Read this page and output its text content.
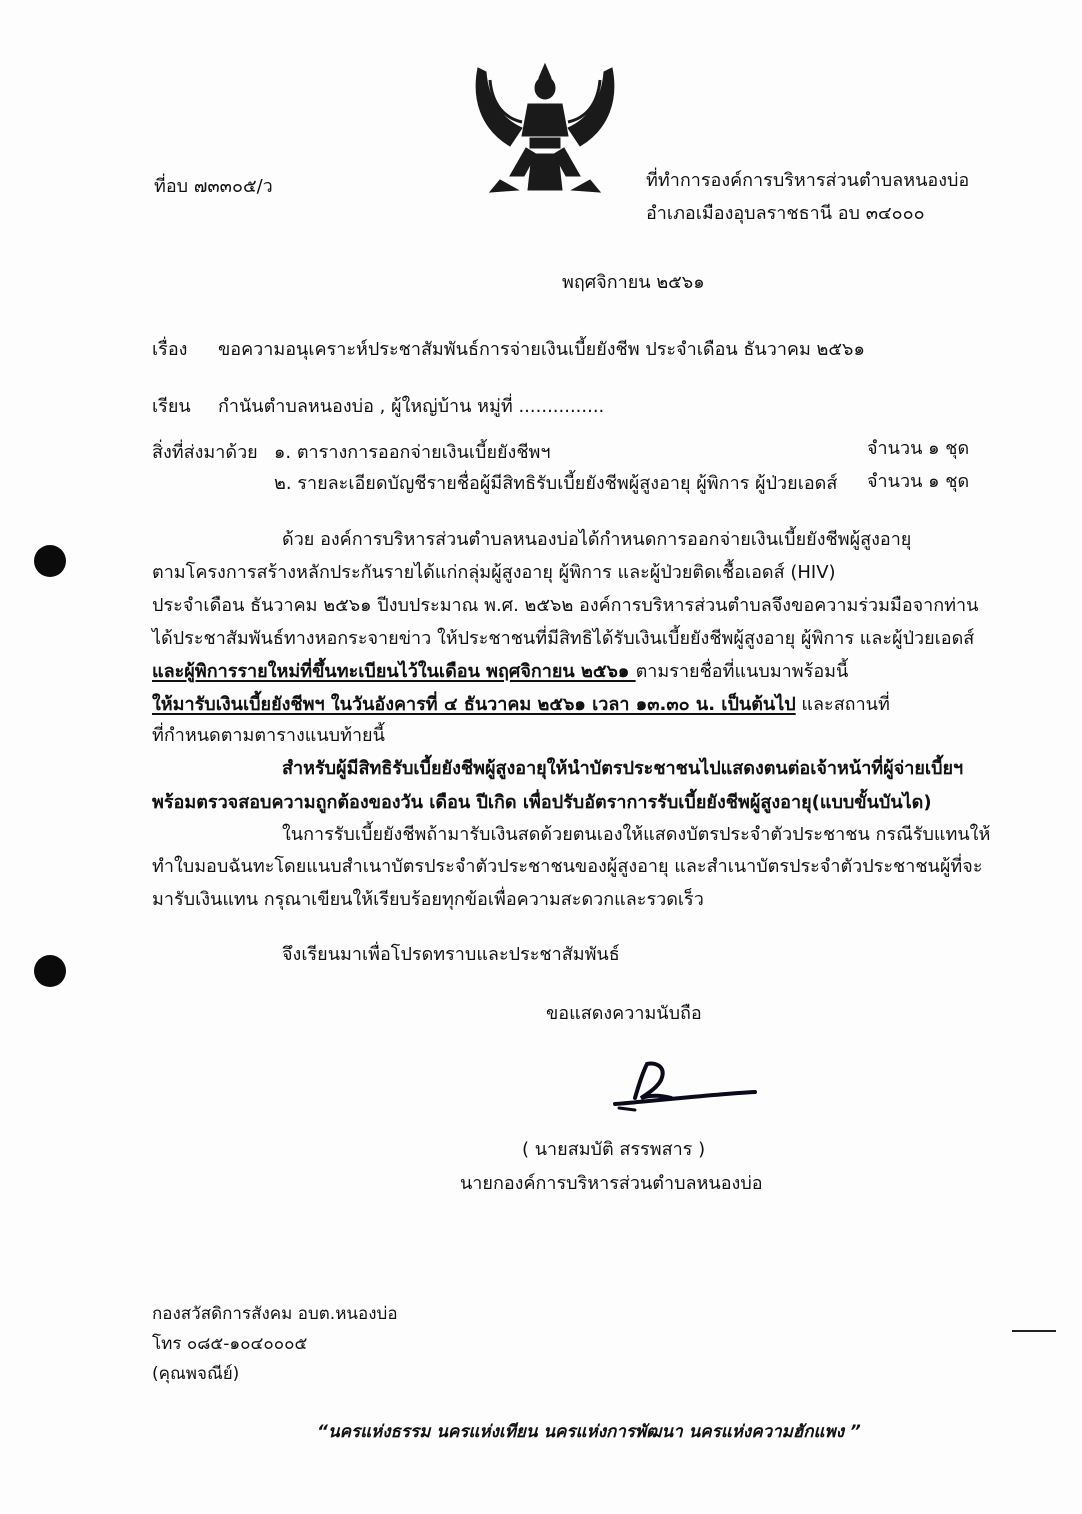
ที่อบ ๗๓๓๐๕/ว	ที่ทำการองค์การบริหารส่วนตำบลหนองบ่อ
อำเภอเมืองอุบลราชธานี อบ ๓๔๐๐๐
พฤศจิกายน ๒๕๖๑
เรื่อง ขอความอนุเคราะห์ประชาสัมพันธ์การจ่ายเงินเบี้ยยังชีพ ประจำเดือน ธันวาคม ๒๕๖๑
เรียน กำนันตำบลหนองบ่อ , ผู้ใหญ่บ้าน หมู่ที่ ...............
สิ่งที่ส่งมาด้วย ๑. ตารางการออกจ่ายเงินเบี้ยยังชีพฯ	จำนวน ๑ ชุด
๒. รายละเอียดบัญชีรายชื่อผู้มีสิทธิรับเบี้ยยังชีพผู้สูงอายุ ผู้พิการ ผู้ป่วยเอดส์ จำนวน ๑ ชุด
ด้วย องค์การบริหารส่วนตำบลหนองบ่อได้กำหนดการออกจ่ายเงินเบี้ยยังชีพผู้สูงอายุ
ตามโครงการสร้างหลักประกันรายได้แก่กลุ่มผู้สูงอายุ ผู้พิการ และผู้ป่วยติดเชื้อเอดส์ (HIV)
ประจำเดือน ธันวาคม ๒๕๖๑ ปีงบประมาณ พ.ศ. ๒๕๖๒ องค์การบริหารส่วนตำบลจึงขอความร่วมมือจากท่าน
ได้ประชาสัมพันธ์ทางหอกระจายข่าว ให้ประชาชนที่มีสิทธิได้รับเงินเบี้ยยังชีพผู้สูงอายุ ผู้พิการ และผู้ป่วยเอดส์
และผู้พิการรายใหม่ที่ขึ้นทะเบียนไว้ในเดือน พฤศจิกายน ๒๕๖๑ ตามรายชื่อที่แนบมาพร้อมนี้
ให้มารับเงินเบี้ยยังชีพฯ ในวันอังคารที่ ๔ ธันวาคม ๒๕๖๑ เวลา ๑๓.๓๐ น. เป็นต้นไป และสถานที่
ที่กำหนดตามตารางแนบท้ายนี้
สำหรับผู้มีสิทธิรับเบี้ยยังชีพผู้สูงอายุให้นำบัตรประชาชนไปแสดงตนต่อเจ้าหน้าที่ผู้จ่ายเบี้ยฯ
พร้อมตรวจสอบความถูกต้องของวัน เดือน ปีเกิด เพื่อปรับอัตราการรับเบี้ยยังชีพผู้สูงอายุ(แบบขั้นบันได)
ในการรับเบี้ยยังชีพถ้ามารับเงินสดด้วยตนเองให้แสดงบัตรประจำตัวประชาชน กรณีรับแทนให้
ทำใบมอบฉันทะโดยแนบสำเนาบัตรประจำตัวประชาชนของผู้สูงอายุ และสำเนาบัตรประจำตัวประชาชนผู้ที่จะ
มารับเงินแทน กรุณาเขียนให้เรียบร้อยทุกข้อเพื่อความสะดวกและรวดเร็ว
จึงเรียนมาเพื่อโปรดทราบและประชาสัมพันธ์
ขอแสดงความนับถือ
( นายสมบัติ สรรพสาร )
นายกองค์การบริหารส่วนตำบลหนองบ่อ
กองสวัสดิการสังคม อบต.หนองบ่อ
โทร ๐๘๕-๑๐๔๐๐๐๕
(คุณพจณีย์)
“นครแห่งธรรม นครแห่งเทียน นครแห่งการพัฒนา นครแห่งความฮักแพง ”
